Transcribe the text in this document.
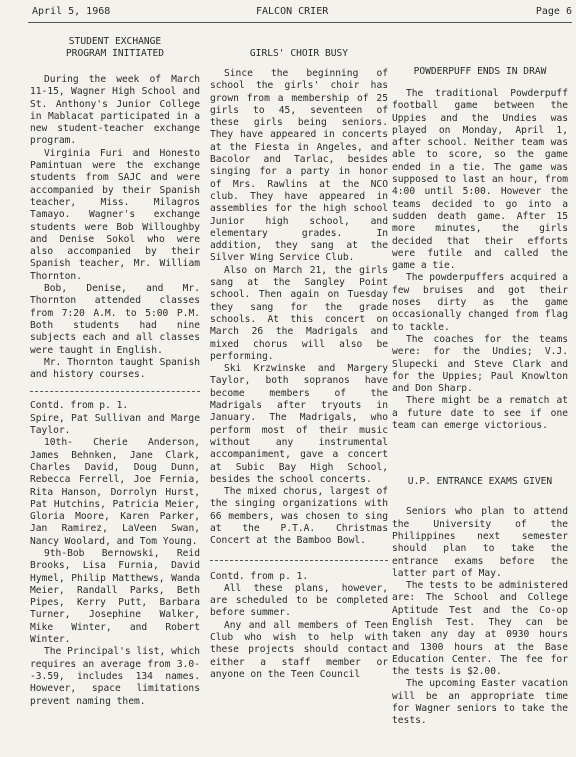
April 5, 1968	FALCON CRIER	Page 6
STUDENT EXCHANGE
PROGRAM INITIATED

During the week of March 11-15, Wagner High School and St. Anthony's Junior College in Mablacat participated in a new student-teacher exchange program.

Virginia Furi and Honesto Pamintuan were the exchange students from SAJC and were accompanied by their Spanish teacher, Miss. Milagros Tamayo. Wagner's exchange students were Bob Willoughby and Denise Sokol who were also accompanied by their Spanish teacher, Mr. William Thornton.

Bob, Denise, and Mr. Thornton attended classes from 7:20 A.M. to 5:00 P.M. Both students had nine subjects each and all classes were taught in English.

Mr. Thornton taught Spanish and history courses.

Contd. from p. 1.

Spire, Pat Sullivan and Marge Taylor.

10th- Cherie Anderson, James Behnken, Jane Clark, Charles David, Doug Dunn, Rebecca Ferrell, Joe Fernia, Rita Hanson, Dorrolyn Hurst, Pat Hutchins, Patricia Meier, Gloria Moore, Karen Parker, Jan Ramirez, LaVeen Swan, Nancy Woolard, and Tom Young.

9th-Bob Bernowski, Reid Brooks, Lisa Furnia, David Hymel, Philip Matthews, Wanda Meier, Randall Parks, Beth Pipes, Kerry Putt, Barbara Turner, Josephine Walker, Mike Winter, and Robert Winter.

The Principal's list, which requires an average from 3.0--3.59, includes 134 names. However, space limitations prevent naming them.

GIRLS' CHOIR BUSY

Since the beginning of school the girls' choir has grown from a membership of 25 girls to 45, seventeen of these girls being seniors. They have appeared in concerts at the Fiesta in Angeles, and Bacolor and Tarlac, besides singing for a party in honor of Mrs. Rawlins at the NCO club. They have appeared in assemblies for the high school Junior high school, and elementary grades. In addition, they sang at the Silver Wing Service Club.

Also on March 21, the girls sang at the Sangley Point school. Then again on Tuesday they sang for the grade schools. At this concert on March 26 the Madrigals and mixed chorus will also be performing.

Ski Krzwinske and Margery Taylor, both sopranos have become members of the Madrigals after tryouts in January. The Madrigals, who perform most of their music without any instrumental accompaniment, gave a concert at Subic Bay High School, besides the school concerts.

The mixed chorus, largest of the singing organizations with 66 members, was chosen to sing at the P.T.A. Christmas Concert at the Bamboo Bowl.

Contd. from p. 1.

All these plans, however, are scheduled to be completed before summer.

Any and all members of Teen Club who wish to help with these projects should contact either a staff member or anyone on the Teen Council

POWDERPUFF ENDS IN DRAW

The traditional Powderpuff football game between the Uppies and the Undies was played on Monday, April 1, after school. Neither team was able to score, so the game ended in a tie. The game was supposed to last an hour, from 4:00 until 5:00. However the teams decided to go into a sudden death game. After 15 more minutes, the girls decided that their efforts were futile and called the game a tie.

The powderpuffers acquired a few bruises and got their noses dirty as the game occasionally changed from flag to tackle.

The coaches for the teams were: for the Undies; V.J. Slupecki and Steve Clark and for the Uppies; Paul Knowlton and Don Sharp.

There might be a rematch at a future date to see if one team can emerge victorious.

U.P. ENTRANCE EXAMS GIVEN

Seniors who plan to attend the University of the Philippines next semester should plan to take the entrance exams before the latter part of May.

The tests to be administered are: The School and College Aptitude Test and the Co-op English Test. They can be taken any day at 0930 hours and 1300 hours at the Base Education Center. The fee for the tests is $2.00.

The upcoming Easter vacation will be an appropriate time for Wagner seniors to take the tests.
